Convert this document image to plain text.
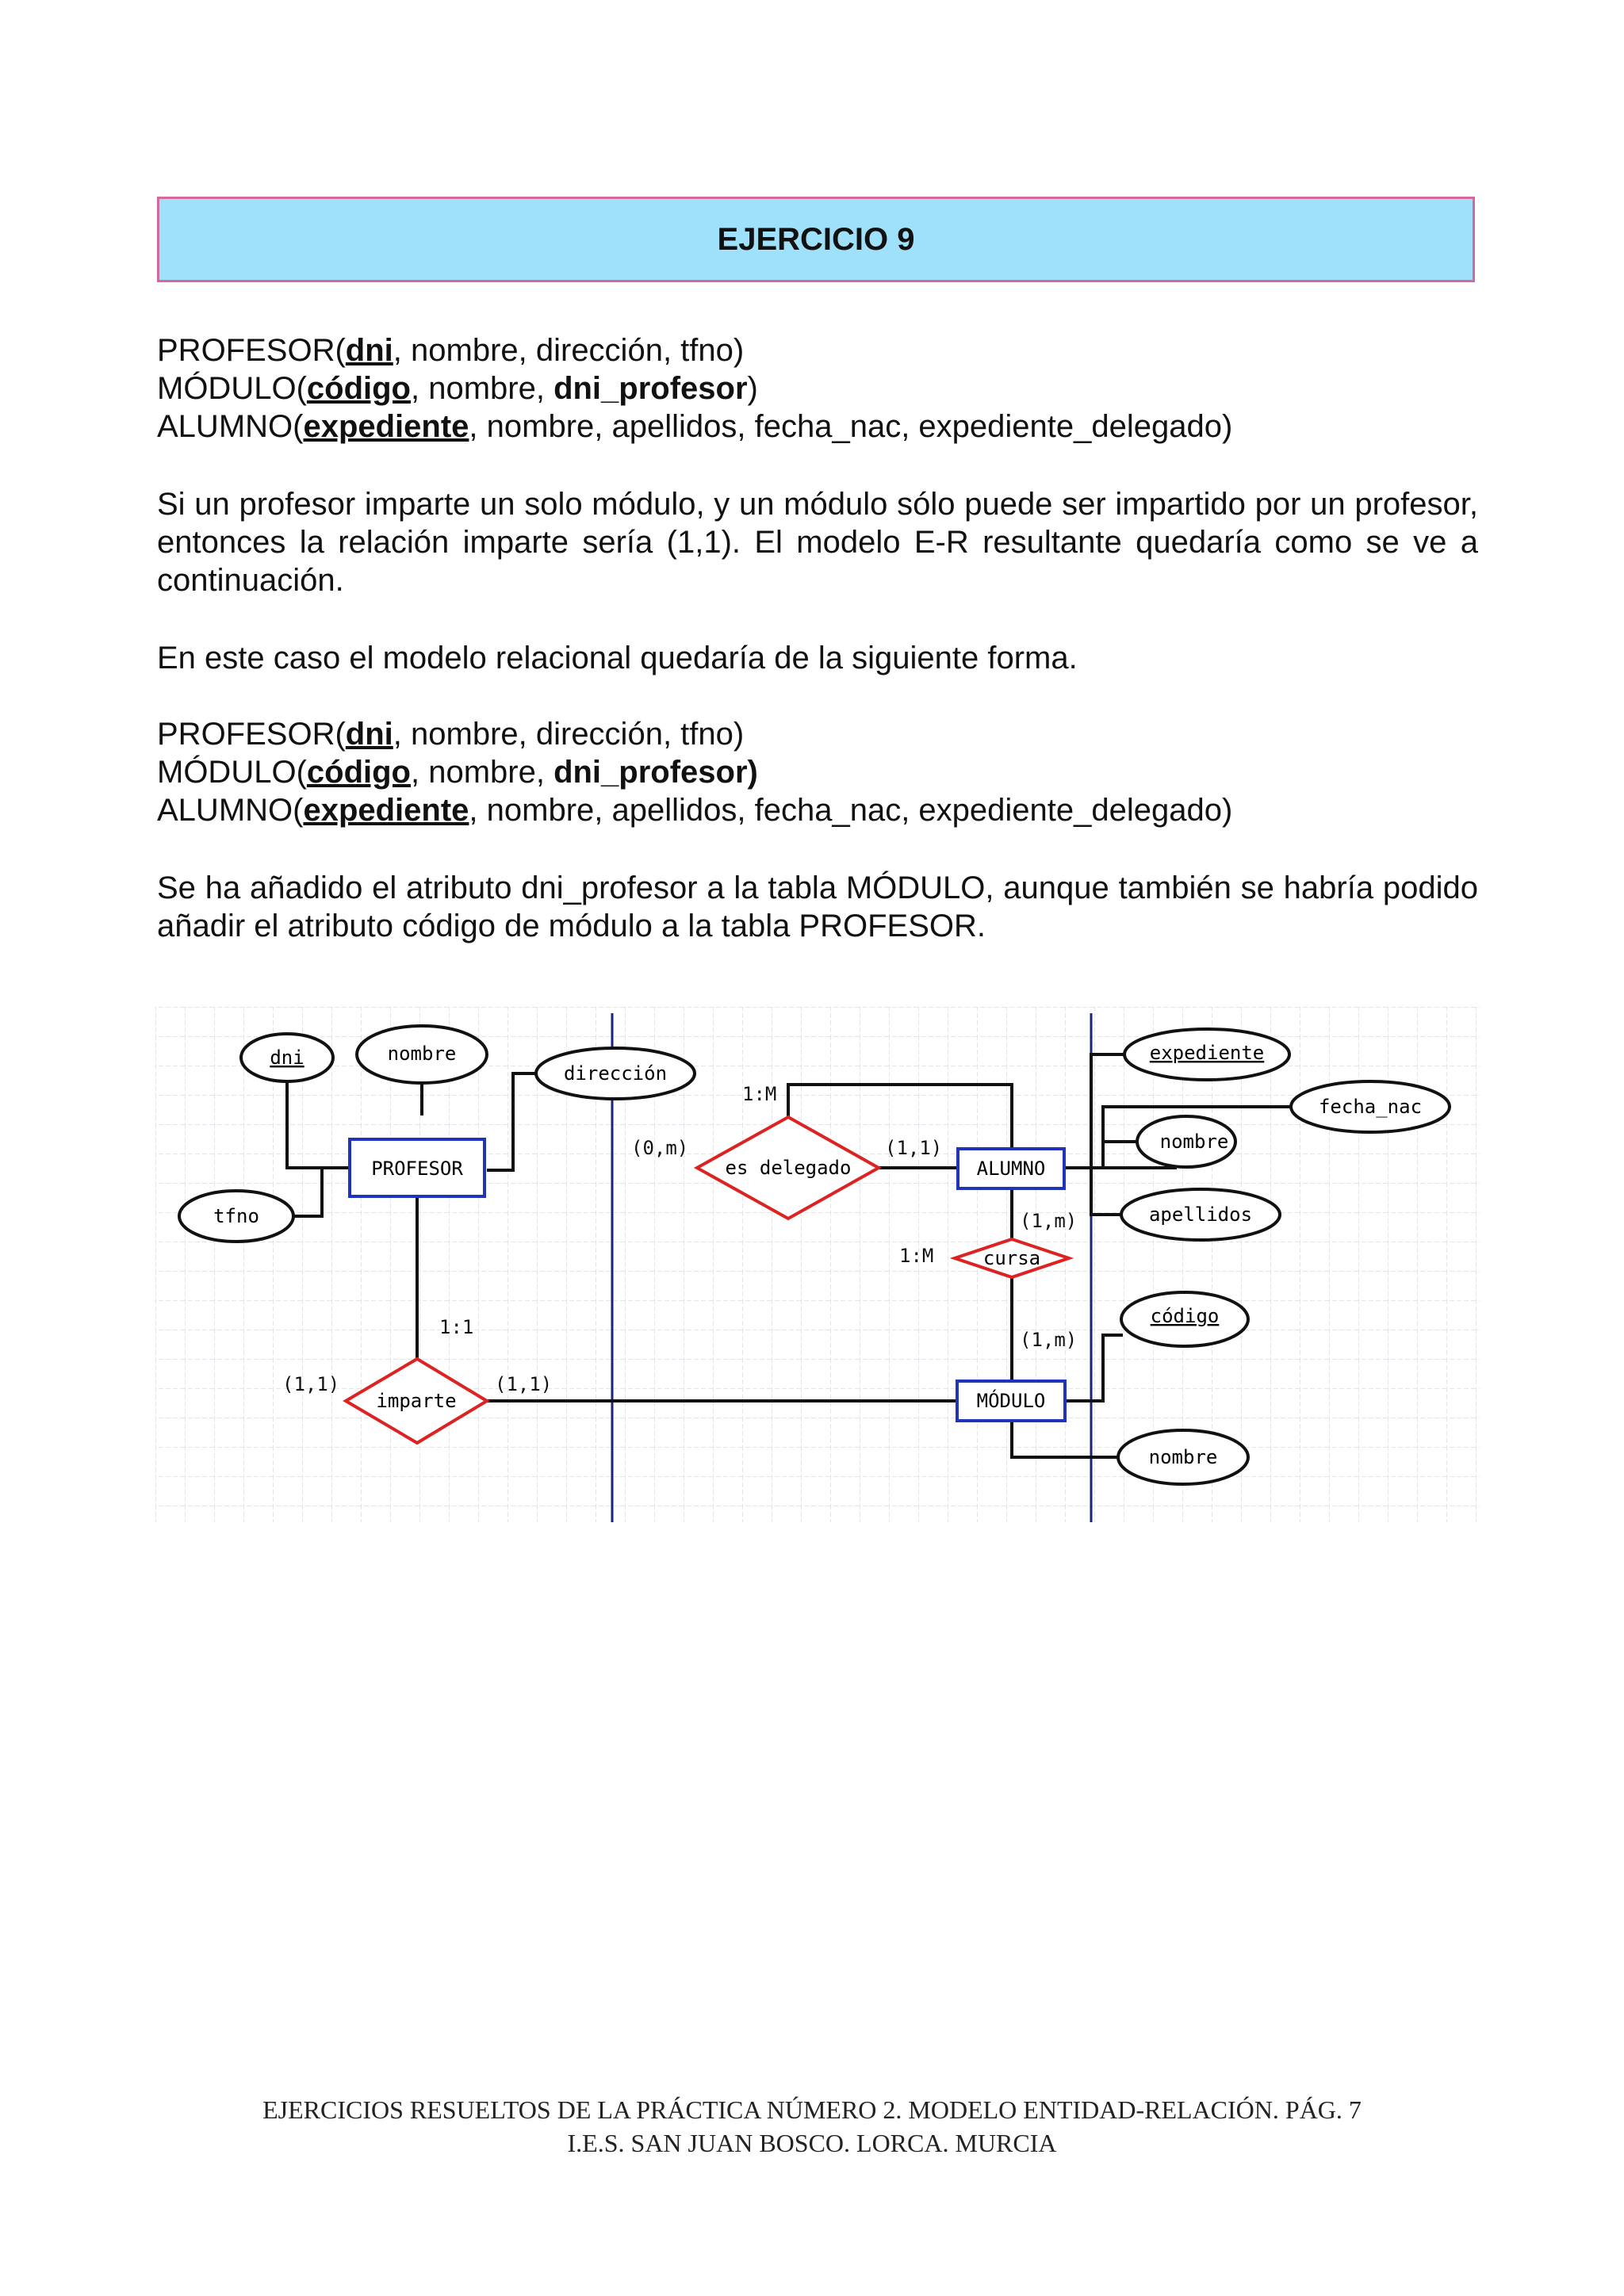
EJERCICIO 9

PROFESOR(dni, nombre, dirección, tfno)

MÓDULO(código, nombre, dni_profesor)

ALUMNO(expediente, nombre, apellidos, fecha_nac, expediente_delegado)

Si un profesor imparte un solo módulo, y un módulo sólo puede ser impartido por un profesor, entonces la relación imparte sería (1,1). El modelo E-R resultante quedaría como se ve a continuación.
En este caso el modelo relacional quedaría de la siguiente forma.

PROFESOR(dni, nombre, dirección, tfno)

MÓDULO(código, nombre, dni_profesor)

ALUMNO(expediente, nombre, apellidos, fecha_nac, expediente_delegado)

Se ha añadido el atributo dni_profesor a la tabla MÓDULO, aunque también se habría podido añadir el atributo código de módulo a la tabla PROFESOR.
PROFESOR	ALUMNO
MÓDULO
es delegado
cursa
imparte
dni	nombre
dirección
tfno
expediente
fecha_nac
nombre
apellidos
código
nombre
1:M
(0,m)	(1,1)
(1,m)
1:M
(1,m)
1:1
(1,1)	(1,1)
EJERCICIOS RESUELTOS DE LA PRÁCTICA NÚMERO 2. MODELO ENTIDAD-RELACIÓN. PÁG. 7
I.E.S. SAN JUAN BOSCO. LORCA. MURCIA
